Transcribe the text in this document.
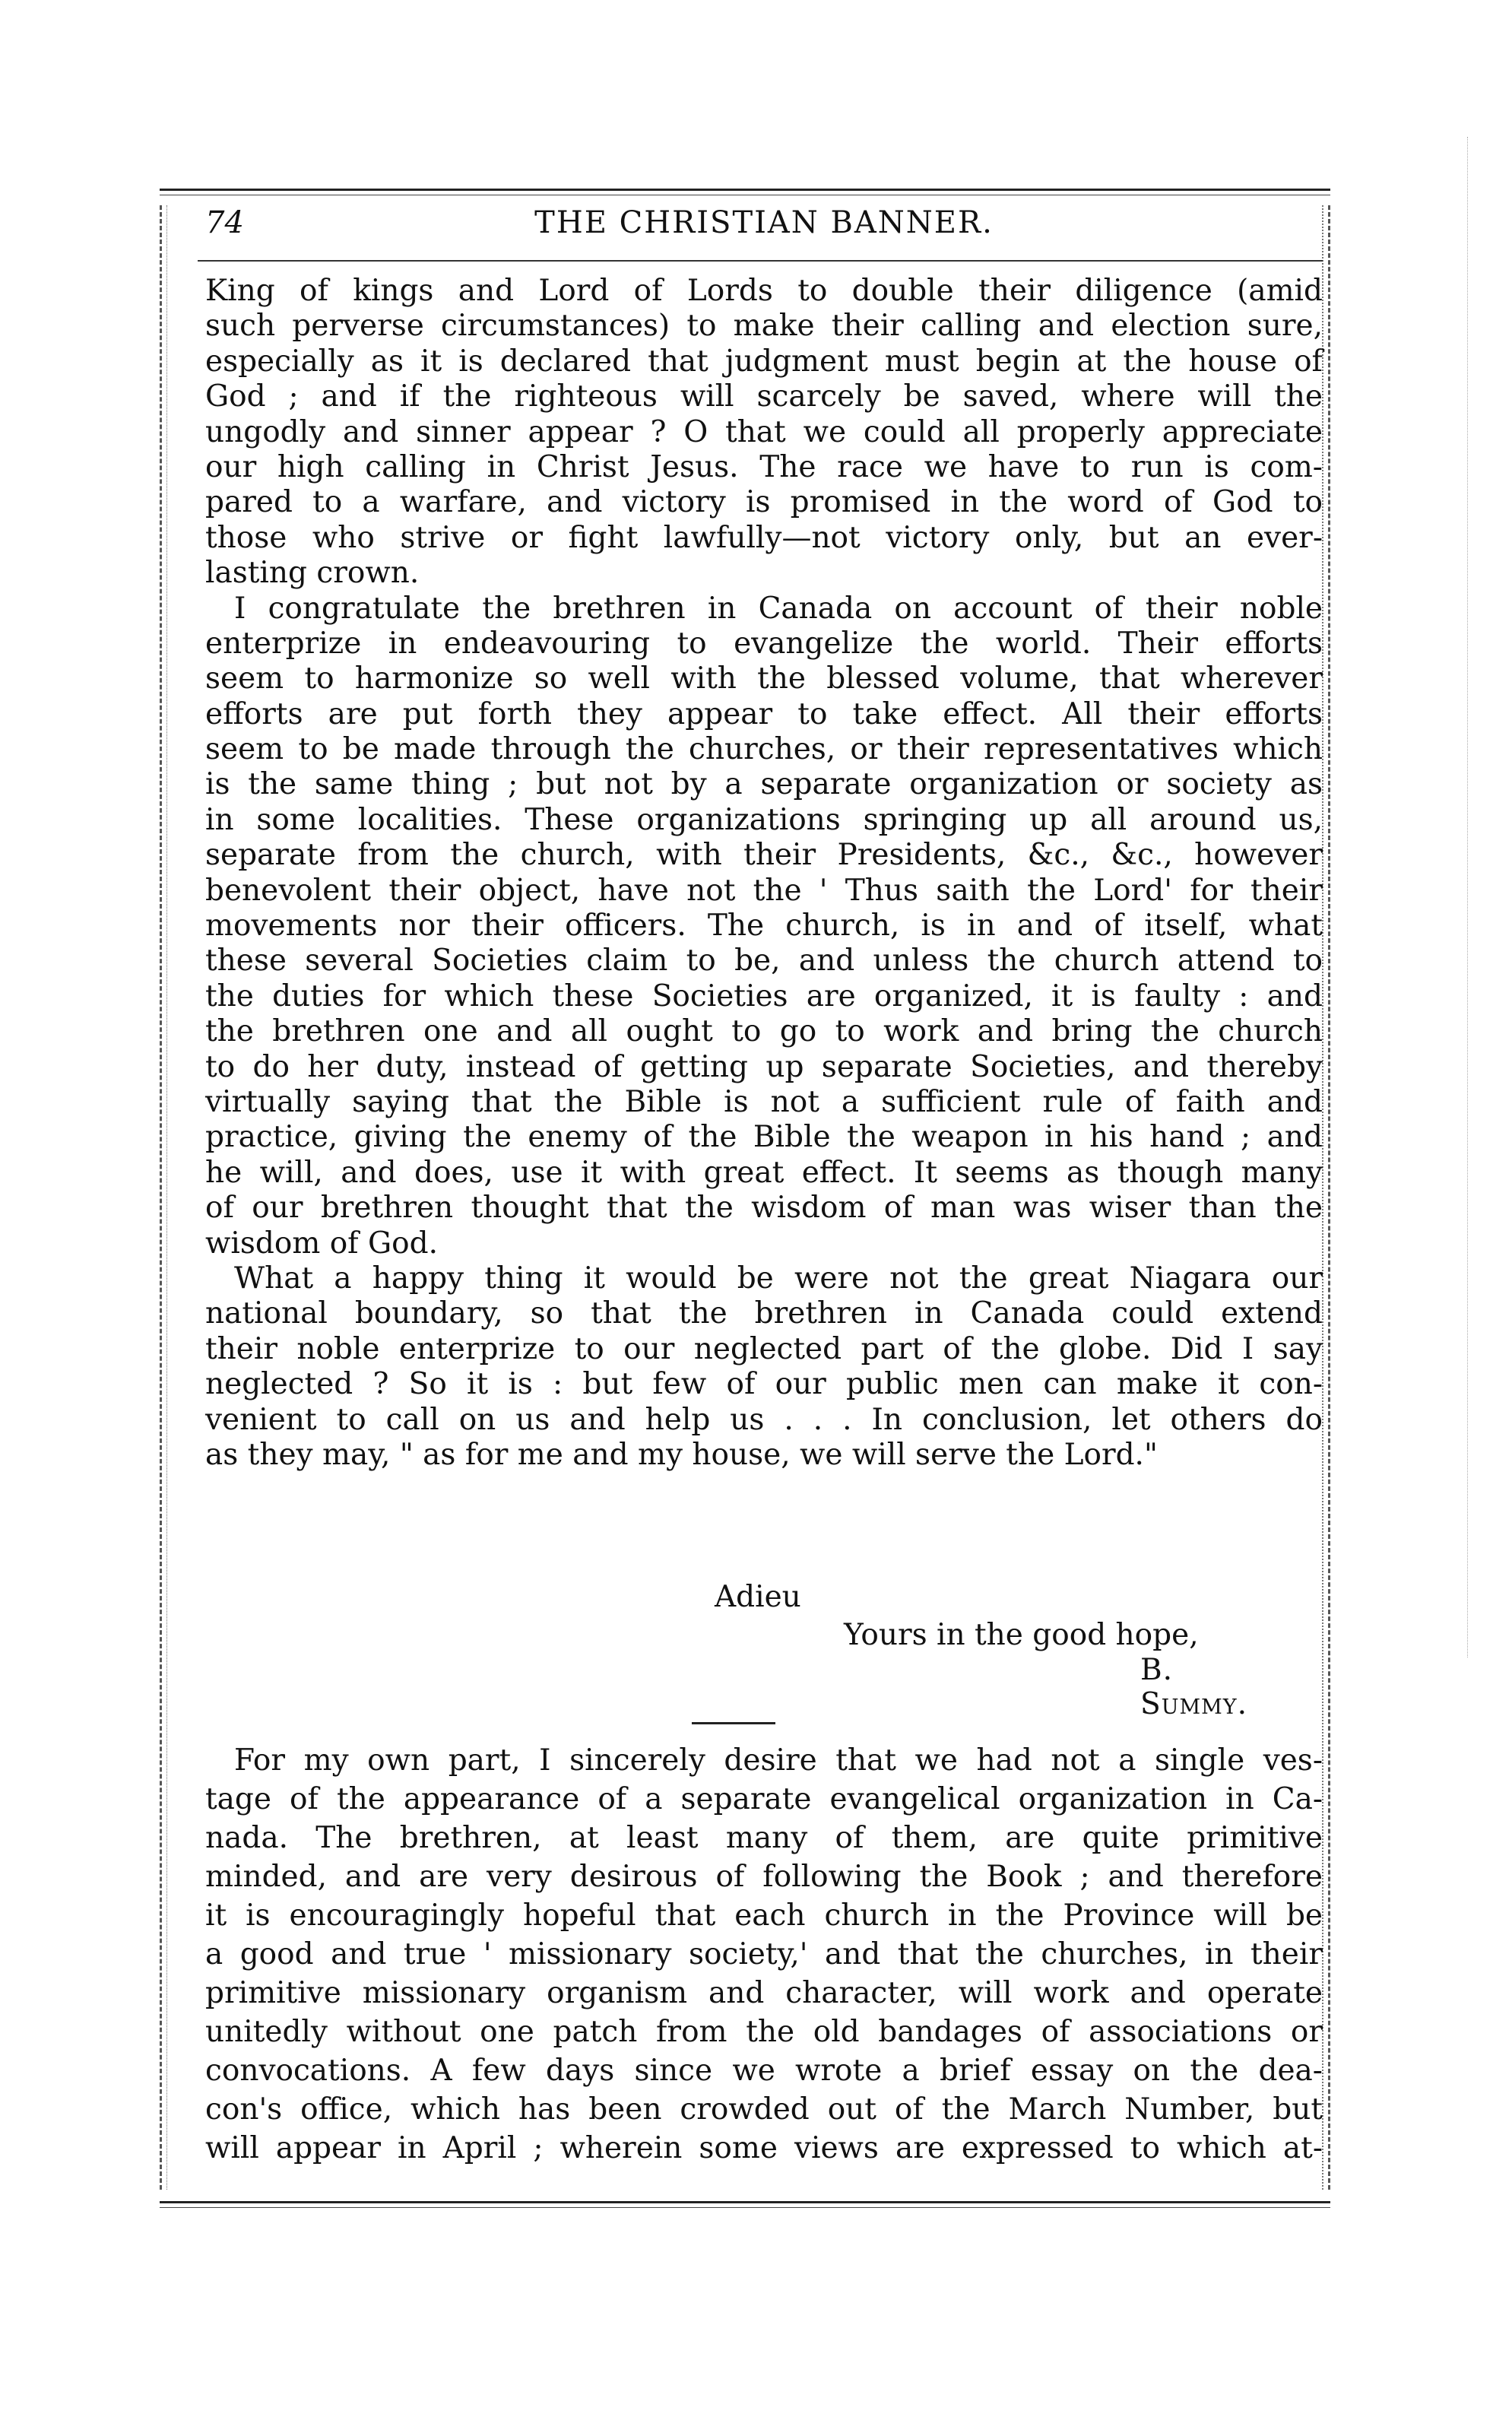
74	THE CHRISTIAN BANNER.
King of kings and Lord of Lords to double their diligence (amid
such perverse circumstances) to make their calling and election sure,
especially as it is declared that judgment must begin at the house of
God ; and if the righteous will scarcely be saved, where will the
ungodly and sinner appear ? O that we could all properly appreciate
our high calling in Christ Jesus. The race we have to run is com-
pared to a warfare, and victory is promised in the word of God to
those who strive or fight lawfully—not victory only, but an ever-
lasting crown.
I congratulate the brethren in Canada on account of their noble
enterprize in endeavouring to evangelize the world. Their efforts
seem to harmonize so well with the blessed volume, that wherever
efforts are put forth they appear to take effect. All their efforts
seem to be made through the churches, or their representatives which
is the same thing ; but not by a separate organization or society as
in some localities. These organizations springing up all around us,
separate from the church, with their Presidents, &c., &c., however
benevolent their object, have not the ' Thus saith the Lord' for their
movements nor their officers. The church, is in and of itself, what
these several Societies claim to be, and unless the church attend to
the duties for which these Societies are organized, it is faulty : and
the brethren one and all ought to go to work and bring the church
to do her duty, instead of getting up separate Societies, and thereby
virtually saying that the Bible is not a sufficient rule of faith and
practice, giving the enemy of the Bible the weapon in his hand ; and
he will, and does, use it with great effect. It seems as though many
of our brethren thought that the wisdom of man was wiser than the
wisdom of God.
What a happy thing it would be were not the great Niagara our
national boundary, so that the brethren in Canada could extend
their noble enterprize to our neglected part of the globe. Did I say
neglected ? So it is : but few of our public men can make it con-
venient to call on us and help us . . . In conclusion, let others do
as they may, " as for me and my house, we will serve the Lord."
Adieu
Yours in the good hope,
B. Summy.
For my own part, I sincerely desire that we had not a single ves-
tage of the appearance of a separate evangelical organization in Ca-
nada. The brethren, at least many of them, are quite primitive
minded, and are very desirous of following the Book ; and therefore
it is encouragingly hopeful that each church in the Province will be
a good and true ' missionary society,' and that the churches, in their
primitive missionary organism and character, will work and operate
unitedly without one patch from the old bandages of associations or
convocations. A few days since we wrote a brief essay on the dea-
con's office, which has been crowded out of the March Number, but
will appear in April ; wherein some views are expressed to which at-
